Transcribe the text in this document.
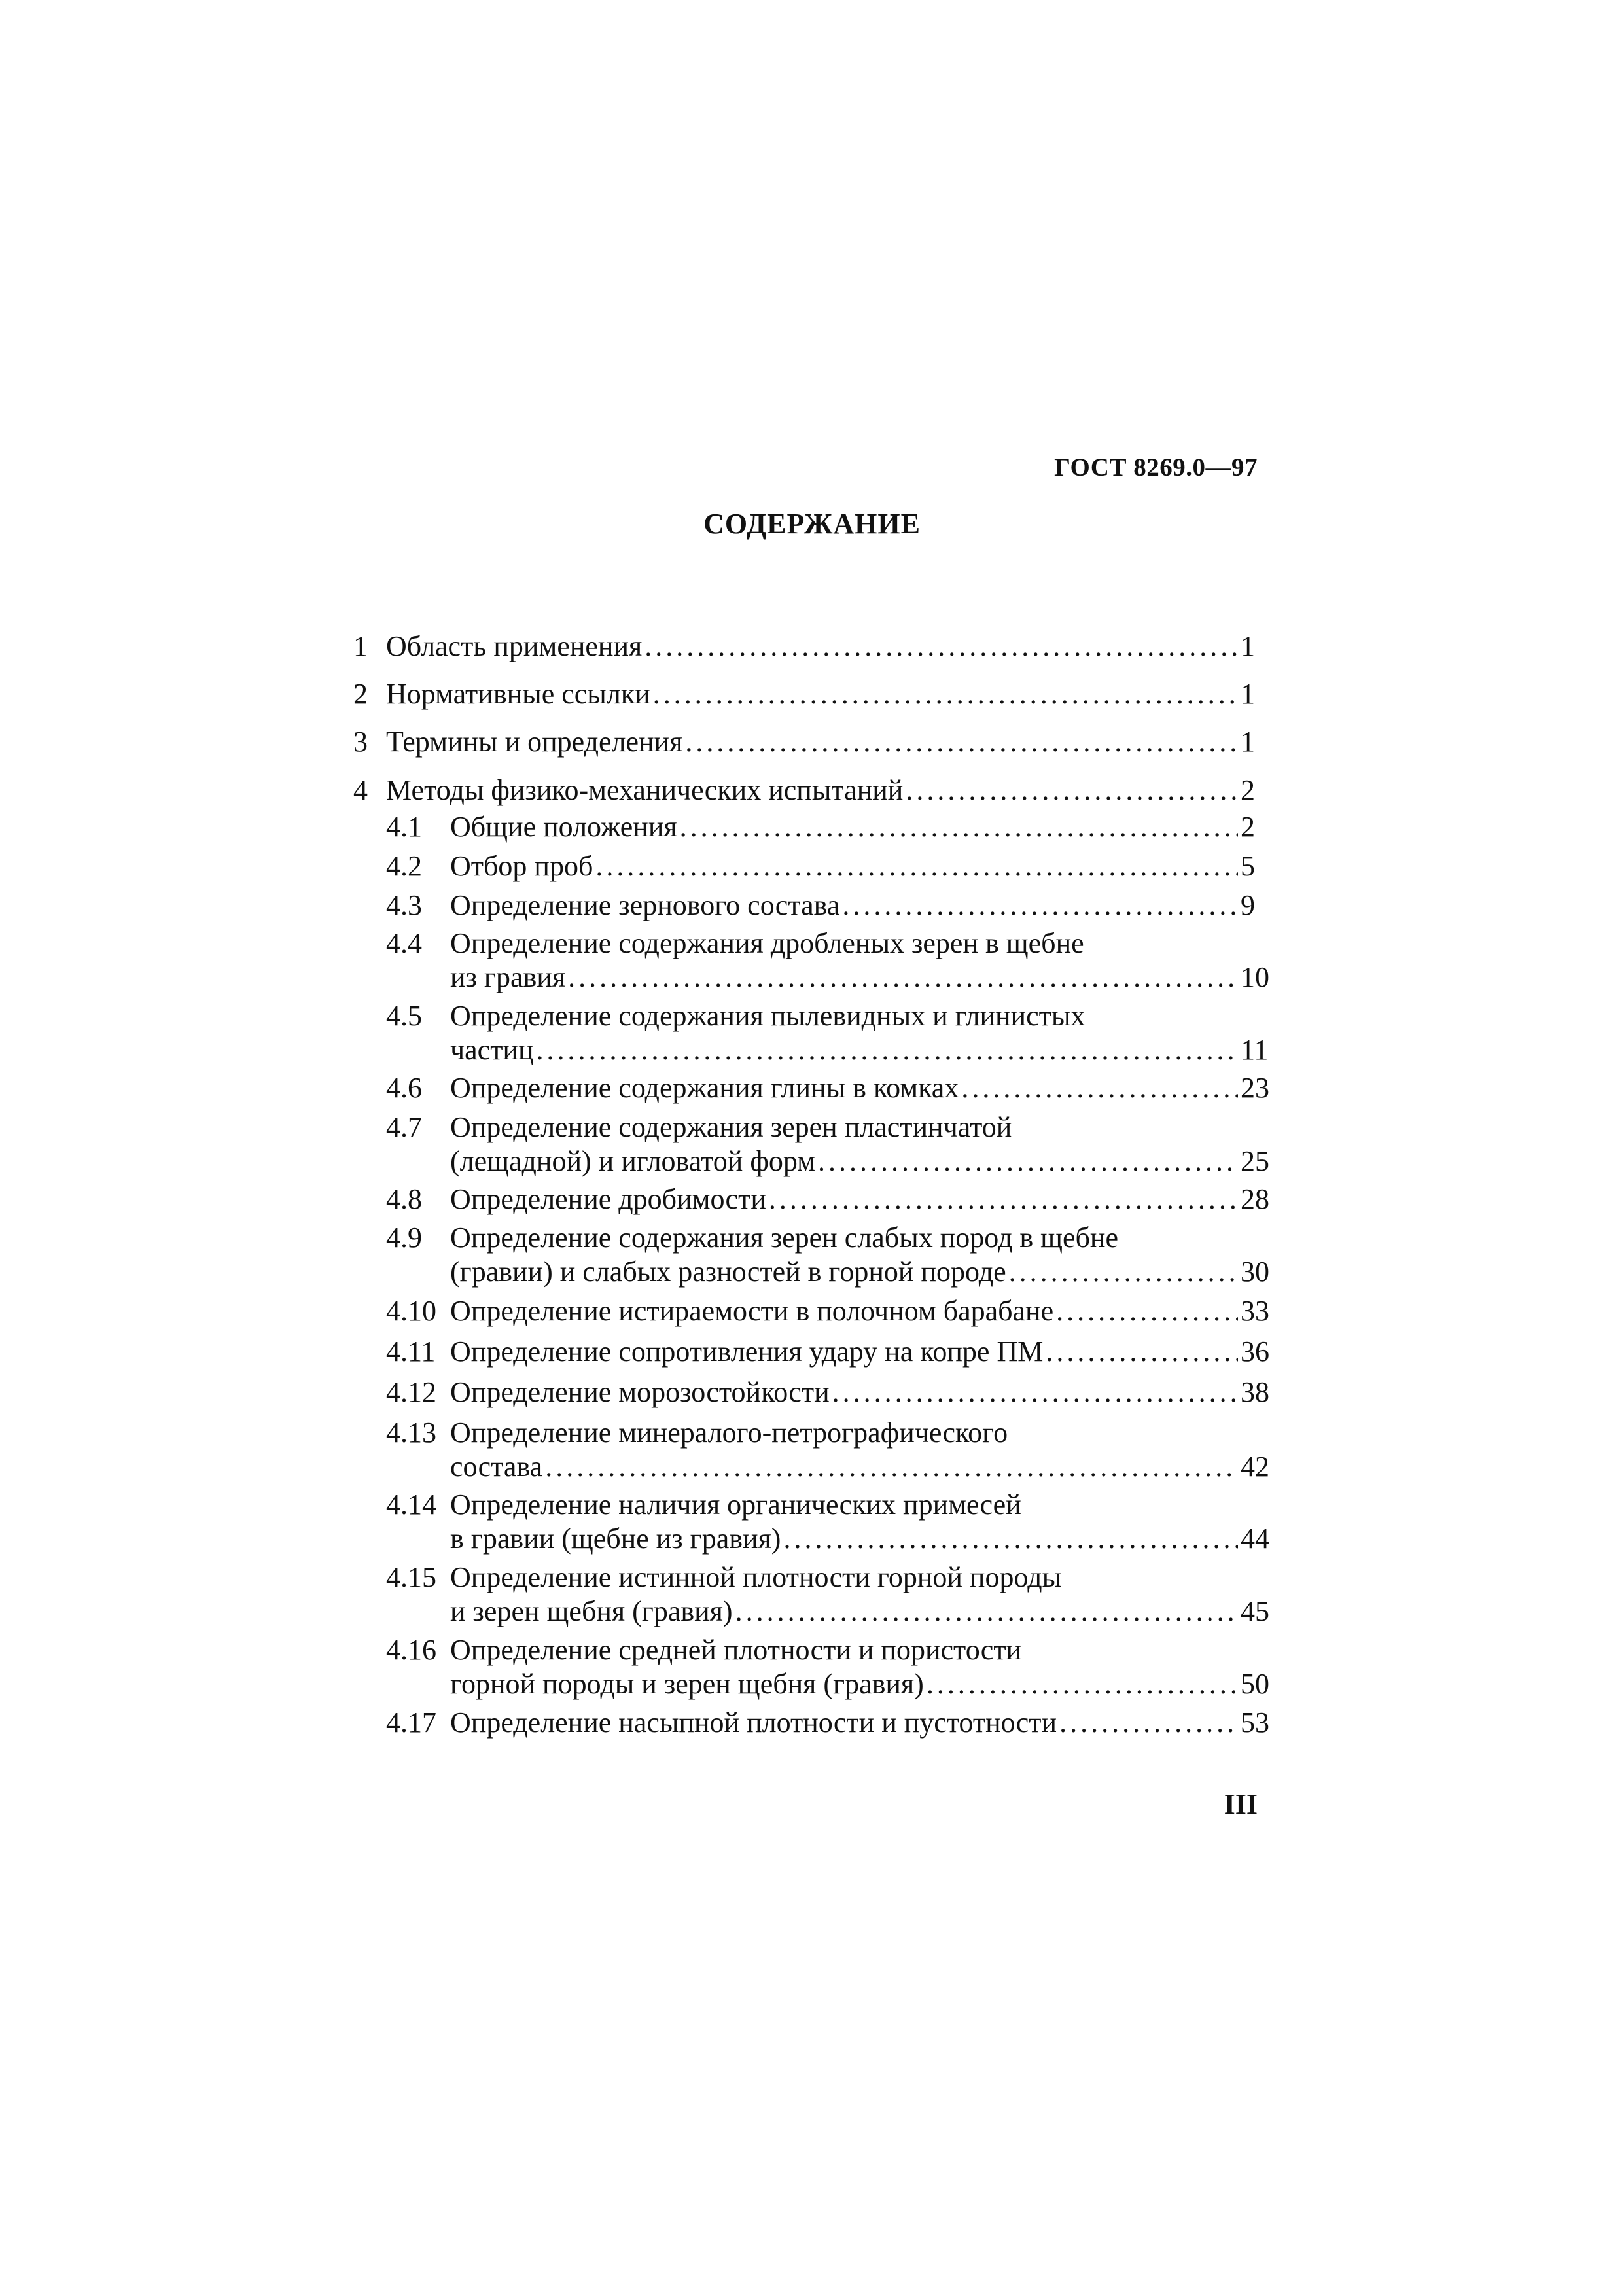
ГОСТ 8269.0—97
СОДЕРЖАНИЕ
1 Область применения . . .	1
2 Нормативные ссылки . . .	1
3 Термины и определения . . .	1
4 Методы физико-механических испытаний . . .	2
4.1 Общие положения . . .	2
4.2 Отбор проб . . .	5
4.3 Определение зернового состава . . .	9
4.4 Определение содержания дробленых зерен в щебне
из гравия . . .	10
4.5 Определение содержания пылевидных и глинистых
частиц . . .	11
4.6 Определение содержания глины в комках . . .	23
4.7 Определение содержания зерен пластинчатой
(лещадной) и игловатой форм . . .	25
4.8 Определение дробимости . . .	28
4.9 Определение содержания зерен слабых пород в щебне
(гравии) и слабых разностей в горной породе . . .	30
4.10 Определение истираемости в полочном барабане . . .	33
4.11 Определение сопротивления удару на копре ПМ . . .	36
4.12 Определение морозостойкости . . .	38
4.13 Определение минералого-петрографического
состава . . .	42
4.14 Определение наличия органических примесей
в гравии (щебне из гравия) . . .	44
4.15 Определение истинной плотности горной породы
и зерен щебня (гравия) . . .	45
4.16 Определение средней плотности и пористости
горной породы и зерен щебня (гравия) . . .	50
4.17 Определение насыпной плотности и пустотности . . .	53
III
